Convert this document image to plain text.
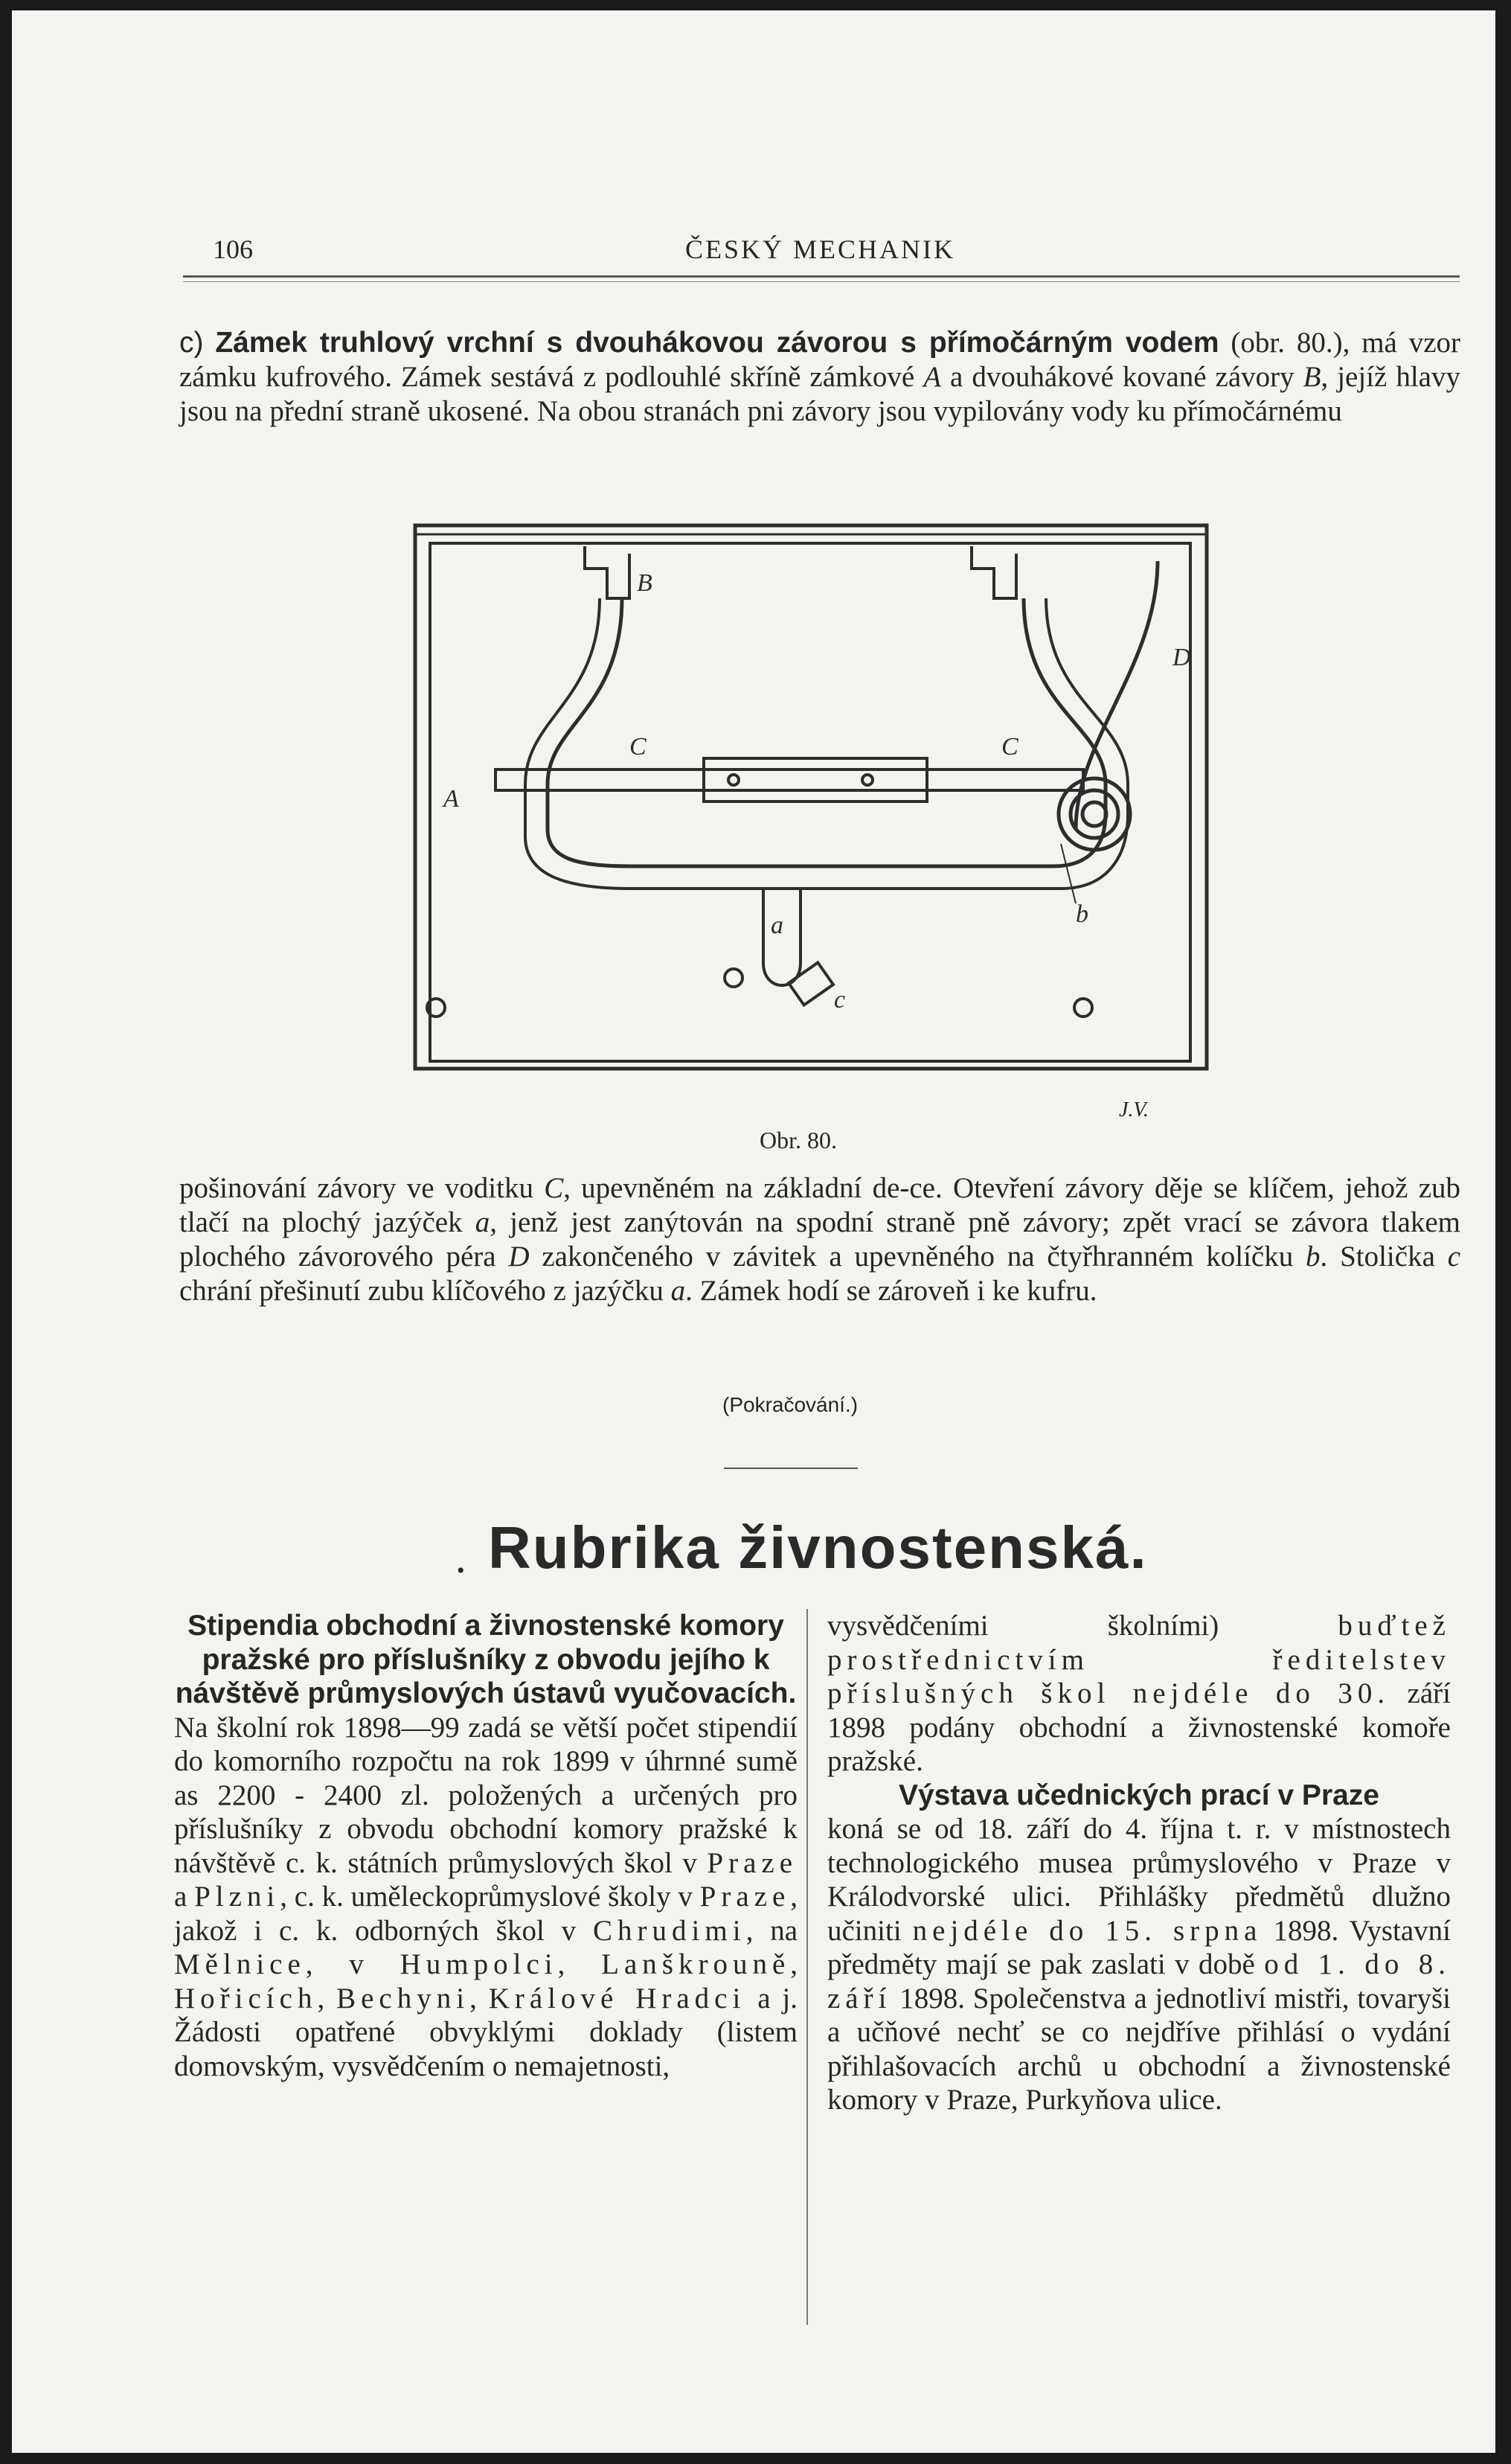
106	ČESKÝ MECHANIK
c) Zámek truhlový vrchní s dvouhákovou závorou s přímočárným vodem (obr. 80.), má vzor zámku kufrového. Zámek sestává z podlouhlé skříně zámkové A a dvouhákové kované závory B, jejíž hlavy jsou na přední straně ukosené. Na obou stranách pni závory jsou vypilovány vody ku přímočárnému
A
B
C	C
D
a	b
c
J.V.
Obr. 80.
pošinování závory ve voditku C, upevněném na základní de-ce. Otevření závory děje se klíčem, jehož zub tlačí na plochý jazýček a, jenž jest zanýtován na spodní straně pně závory; zpět vrací se závora tlakem plochého závorového péra D zakončeného v závitek a upevněného na čtyřhranném kolíčku b. Stolička c chrání přešinutí zubu klíčového z jazýčku a. Zámek hodí se zároveň i ke kufru.
(Pokračování.)
• Rubrika živnostenská.
Stipendia obchodní a živnostenské komory pražské pro příslušníky z obvodu jejího k návštěvě průmyslových ústavů vyučovacích.
Na školní rok 1898—99 zadá se větší počet stipendií do komorního rozpočtu na rok 1899 v úhrnné sumě as 2200 - 2400 zl. položených a určených pro příslušníky z obvodu obchodní komory pražské k návštěvě c. k. státních průmyslových škol v Praze a Plzni, c. k. uměleckoprůmyslové školy v Praze, jakož i c. k. odborných škol v Chrudimi, na Mělnice, v Humpolci, Lanškrouně, Hořicích, Bechyni, Králové Hradci a j. Žádosti opatřené obvyklými doklady (listem domovským, vysvědčením o nemajetnosti,
vysvědčeními školními) buďtež prostřednictvím ředitelstev příslušných škol nejdéle do 30. září 1898 podány obchodní a živnostenské komoře pražské.
Výstava učednických prací v Praze
koná se od 18. září do 4. října t. r. v místnostech technologického musea průmyslového v Praze v Králodvorské ulici. Přihlášky předmětů dlužno učiniti nejdéle do 15. srpna 1898. Vystavní předměty mají se pak zaslati v době od 1. do 8. září 1898. Společenstva a jednotliví mistři, tovaryši a učňové nechť se co nejdříve přihlásí o vydání přihlašovacích archů u obchodní a živnostenské komory v Praze, Purkyňova ulice.
